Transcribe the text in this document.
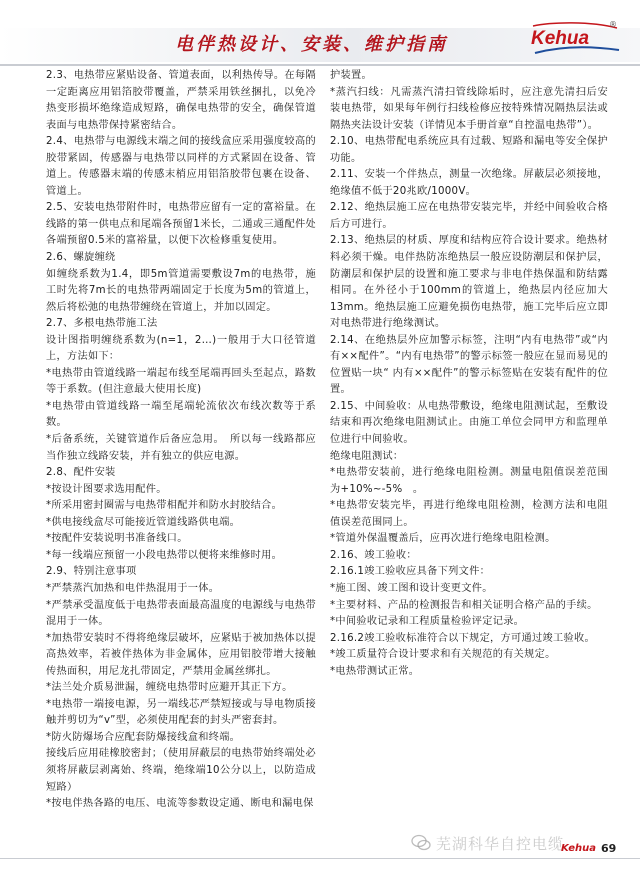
电伴热设计、安装、维护指南	Kehua
®

2.3、电热带应紧贴设备、管道表面，以利热传导。在每隔一定距离应用铝箔胶带覆盖，严禁采用铁丝捆扎，以免冷热变形损坏绝缘造成短路，确保电热带的安全，确保管道表面与电热带保持紧密结合。

2.4、电热带与电源线末端之间的接线盒应采用强度较高的胶带紧固，传感器与电热带以同样的方式紧固在设备、管道上。传感器末端的传感末梢应用铝箔胶带包裹在设备、管道上。

2.5、安装电热带附件时，电热带应留有一定的富裕量。在线路的第一供电点和尾端各预留1米长，二通或三通配件处各端预留0.5米的富裕量，以便下次检修重复使用。

2.6、螺旋缠绕

如缠绕系数为1.4，即5m管道需要敷设7m的电热带，施工时先将7m长的电热带两端固定于长度为5m的管道上，然后将松弛的电热带缠绕在管道上，并加以固定。

2.7、多根电热带施工法

设计图指明缠绕系数为(n=1，2…)一般用于大口径管道上，方法如下：

*电热带由管道线路一端起布线至尾端再回头至起点，路数等于系数。(但注意最大使用长度)

*电热带由管道线路一端至尾端轮流依次布线次数等于系数。

*后备系统，关键管道作后备应急用。　所以每一线路都应当作独立线路安装，并有独立的供应电源。

2.8、配件安装

*按设计图要求选用配件。

*所采用密封圈需与电热带相配并和防水封胶结合。

*供电接线盒尽可能接近管道线路供电端。

*按配件安装说明书准备线口。

*每一线端应预留一小段电热带以便将来维修时用。

2.9、特别注意事项

*严禁蒸汽加热和电伴热混用于一体。

*严禁承受温度低于电热带表面最高温度的电源线与电热带混用于一体。

*加热带安装时不得将绝缘层破坏，应紧贴于被加热体以提高热效率，若被伴热体为非金属体，应用铝胶带增大接触传热面积，用尼龙扎带固定，严禁用金属丝绑扎。

*法兰处介质易泄漏，缠绕电热带时应避开其正下方。

*电热带一端接电源，另一端线芯严禁短接或与导电物质接触并剪切为“v”型，必须使用配套的封头严密套封。

*防火防爆场合应配套防爆接线盒和终端。

接线后应用硅橡胶密封；（使用屏蔽层的电热带始终端处必须将屏蔽层剥离始、终端，绝缘端10公分以上，以防造成短路）

*按电伴热各路的电压、电流等参数设定通、断电和漏电保

护装置。

*蒸汽扫线：凡需蒸汽清扫管线除垢时，应注意先清扫后安装电热带，如果每年例行扫线检修应按特殊情况隔热层法或隔热夹法设计安装（详情见本手册首章“自控温电热带”）。

2.10、电热带配电系统应具有过载、短路和漏电等安全保护功能。

2.11、安装一个伴热点，测量一次绝缘。屏蔽层必须接地，绝缘值不低于20兆欧/1000V。

2.12、绝热层施工应在电热带安装完毕，并经中间验收合格后方可进行。

2.13、绝热层的材质、厚度和结构应符合设计要求。绝热材料必须干燥。电伴热防冻绝热层一般应设防潮层和保护层，防潮层和保护层的设置和施工要求与非电伴热保温和防结露相同。在外径小于100mm的管道上，绝热层内径应加大13mm。绝热层施工应避免损伤电热带，施工完毕后应立即对电热带进行绝缘测试。

2.14、在绝热层外应加警示标签，注明“内有电热带”或“内有××配件”。“内有电热带”的警示标签一般应在显而易见的位置贴一块“ 内有××配件”的警示标签贴在安装有配件的位置。

2.15、中间验收：从电热带敷设，绝缘电阻测试起，至敷设结束和再次绝缘电阻测试止。由施工单位会同甲方和监理单位进行中间验收。

绝缘电阻测试：

*电热带安装前，进行绝缘电阻检测。测量电阻值误差范围为+10%~-5%　。

*电热带安装完毕，再进行绝缘电阻检测，检测方法和电阻值误差范围同上。

*管道外保温覆盖后，应再次进行绝缘电阻检测。

2.16、竣工验收：

2.16.1竣工验收应具备下列文件：

*施工图、竣工图和设计变更文件。

*主要材料、产品的检测报告和相关证明合格产品的手续。

*中间验收记录和工程质量检验评定记录。

2.16.2竣工验收标准符合以下规定，方可通过竣工验收。

*竣工质量符合设计要求和有关规范的有关规定。

*电热带测试正常。

芜湖科华自控电缆
Kehua 69
